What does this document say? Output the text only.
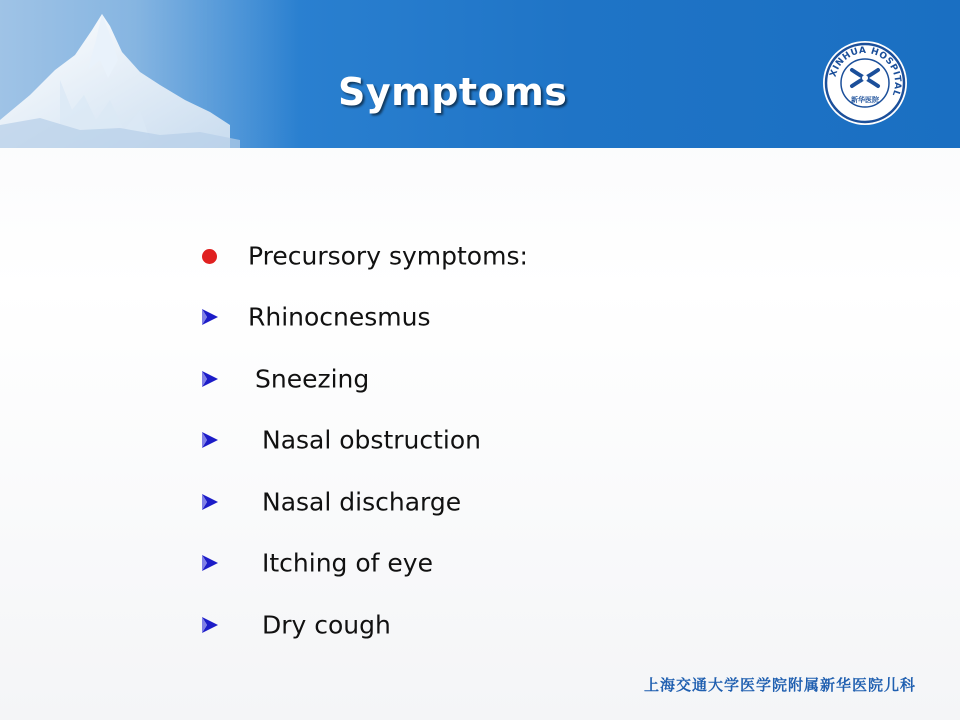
Symptoms	XINHUA HOSPITAL
新华医院
Precursory symptoms:
Rhinocnesmus
Sneezing
Nasal obstruction
Nasal discharge
Itching of eye
Dry cough
上海交通大学医学院附属新华医院儿科
